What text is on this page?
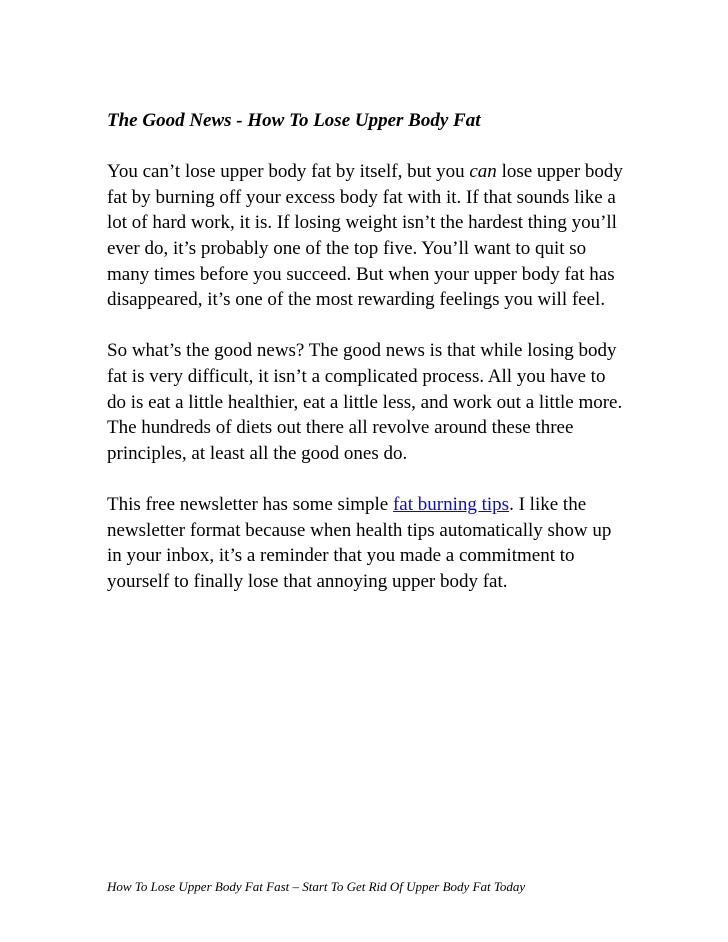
The Good News - How To Lose Upper Body Fat

You can’t lose upper body fat by itself, but you can lose upper body fat by burning off your excess body fat with it. If that sounds like a lot of hard work, it is. If losing weight isn’t the hardest thing you’ll ever do, it’s probably one of the top five. You’ll want to quit so many times before you succeed. But when your upper body fat has disappeared, it’s one of the most rewarding feelings you will feel.

So what’s the good news? The good news is that while losing body fat is very difficult, it isn’t a complicated process. All you have to do is eat a little healthier, eat a little less, and work out a little more. The hundreds of diets out there all revolve around these three principles, at least all the good ones do.

This free newsletter has some simple fat burning tips. I like the newsletter format because when health tips automatically show up in your inbox, it’s a reminder that you made a commitment to yourself to finally lose that annoying upper body fat.

How To Lose Upper Body Fat Fast – Start To Get Rid Of Upper Body Fat Today
